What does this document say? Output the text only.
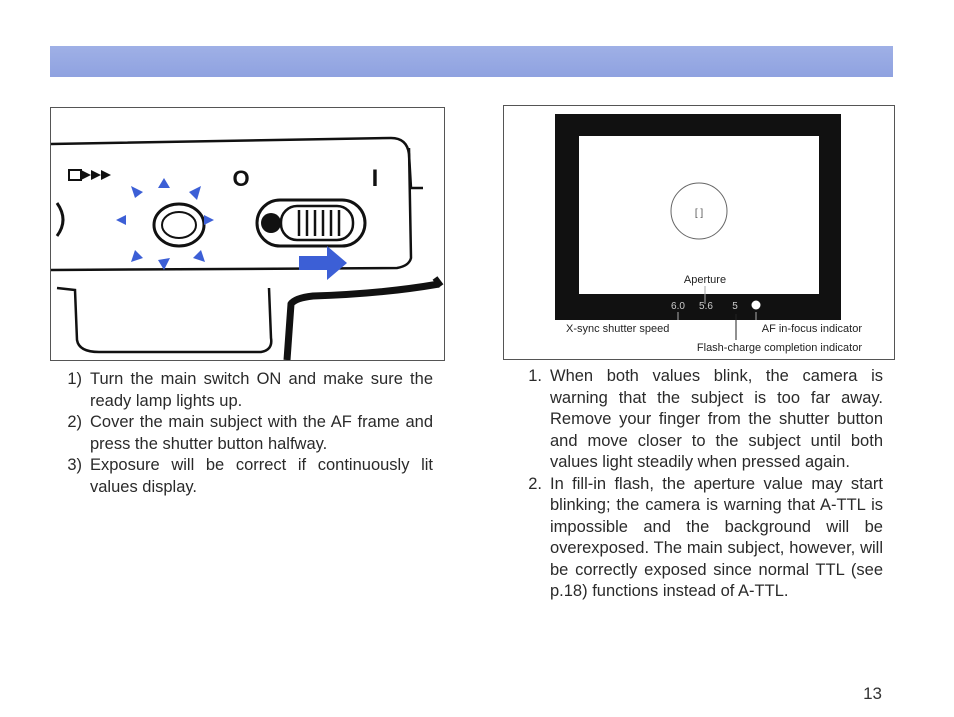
O	I
[ ]
Aperture
6.0 5.6 5
X-sync shutter speed	AF in-focus indicator
Flash-charge completion indicator
1) Turn the main switch ON and make sure the ready lamp lights up.
2) Cover the main subject with the AF frame and press the shutter button halfway.
3) Exposure will be correct if continuously lit values display.
1. When both values blink, the camera is warning that the subject is too far away. Remove your finger from the shutter button and move closer to the subject until both values light steadily when pressed again.
2. In fill-in flash, the aperture value may start blinking; the camera is warning that A-TTL is impossible and the background will be overexposed. The main subject, however, will be correctly exposed since normal TTL (see p.18) functions instead of A-TTL.
13
